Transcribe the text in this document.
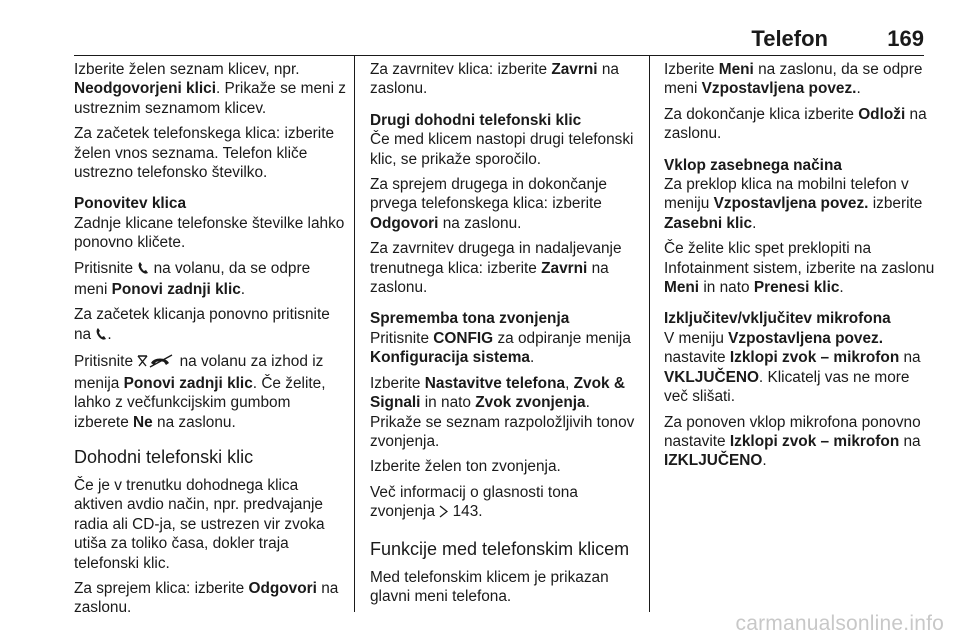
Telefon	169

Izberite želen seznam klicev, npr. Neodgovorjeni klici. Prikaže se meni z ustreznim seznamom klicev.

Za začetek telefonskega klica: izberite želen vnos seznama. Telefon kliče ustrezno telefonsko številko.

Ponovitev klica

Zadnje klicane telefonske številke lahko ponovno kličete.

Pritisnite na volanu, da se odpre meni Ponovi zadnji klic.

Za začetek klicanja ponovno pritisnite na .

Pritisnite	na volanu za izhod iz menija Ponovi zadnji klic. Če želite, lahko z večfunkcijskim gumbom izberete Ne na zaslonu.

Dohodni telefonski klic

Če je v trenutku dohodnega klica aktiven avdio način, npr. predvajanje radia ali CD-ja, se ustrezen vir zvoka utiša za toliko časa, dokler traja telefonski klic.

Za sprejem klica: izberite Odgovori na zaslonu.

Za zavrnitev klica: izberite Zavrni na zaslonu.

Drugi dohodni telefonski klic

Če med klicem nastopi drugi telefonski klic, se prikaže sporočilo.

Za sprejem drugega in dokončanje prvega telefonskega klica: izberite Odgovori na zaslonu.

Za zavrnitev drugega in nadaljevanje trenutnega klica: izberite Zavrni na zaslonu.

Sprememba tona zvonjenja

Pritisnite CONFIG za odpiranje menija Konfiguracija sistema.

Izberite Nastavitve telefona, Zvok & Signali in nato Zvok zvonjenja. Prikaže se seznam razpoložljivih tonov zvonjenja.

Izberite želen ton zvonjenja.

Več informacij o glasnosti tona zvonjenja 143.

Funkcije med telefonskim klicem

Med telefonskim klicem je prikazan glavni meni telefona.

Izberite Meni na zaslonu, da se odpre meni Vzpostavljena povez..

Za dokončanje klica izberite Odloži na zaslonu.

Vklop zasebnega načina

Za preklop klica na mobilni telefon v meniju Vzpostavljena povez. izberite Zasebni klic.

Če želite klic spet preklopiti na Infotainment sistem, izberite na zaslonu Meni in nato Prenesi klic.

Izključitev/vključitev mikrofona

V meniju Vzpostavljena povez. nastavite Izklopi zvok – mikrofon na VKLJUČENO. Klicatelj vas ne more več slišati.

Za ponoven vklop mikrofona ponovno nastavite Izklopi zvok – mikrofon na IZKLJUČENO.

carmanualsonline.info
